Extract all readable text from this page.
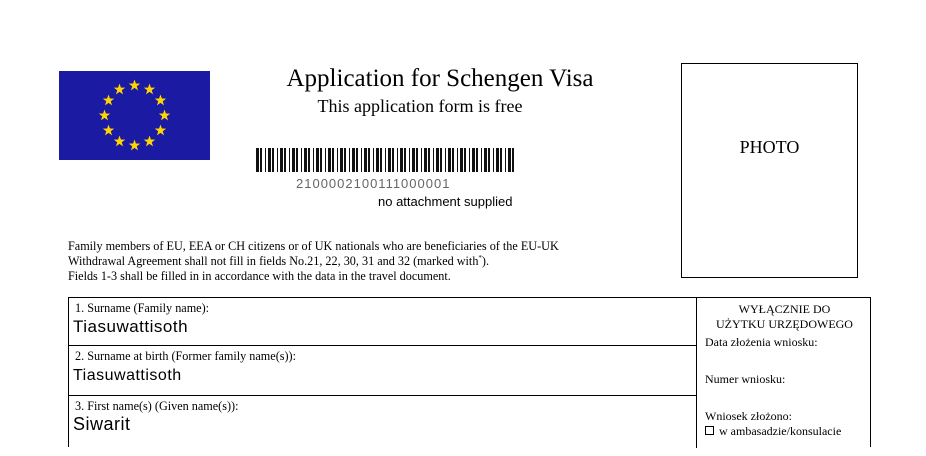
Application for Schengen Visa
This application form is free
PHOTO
2100002100111000001
no attachment supplied

Family members of EU, EEA or CH citizens or of UK nationals who are beneficiaries of the EU-UK

Withdrawal Agreement shall not fill in fields No.21, 22, 30, 31 and 32 (marked with*).

Fields 1-3 shall be filled in in accordance with the data in the travel document.

1. Surname (Family name):
Tiasuwattisoth
2. Surname at birth (Former family name(s)):
Tiasuwattisoth
3. First name(s) (Given name(s)):
Siwarit
WYŁĄCZNIE DO
UŻYTKU URZĘDOWEGO
Data złożenia wniosku:
Numer wniosku:
Wniosek złożono:
w ambasadzie/konsulacie
